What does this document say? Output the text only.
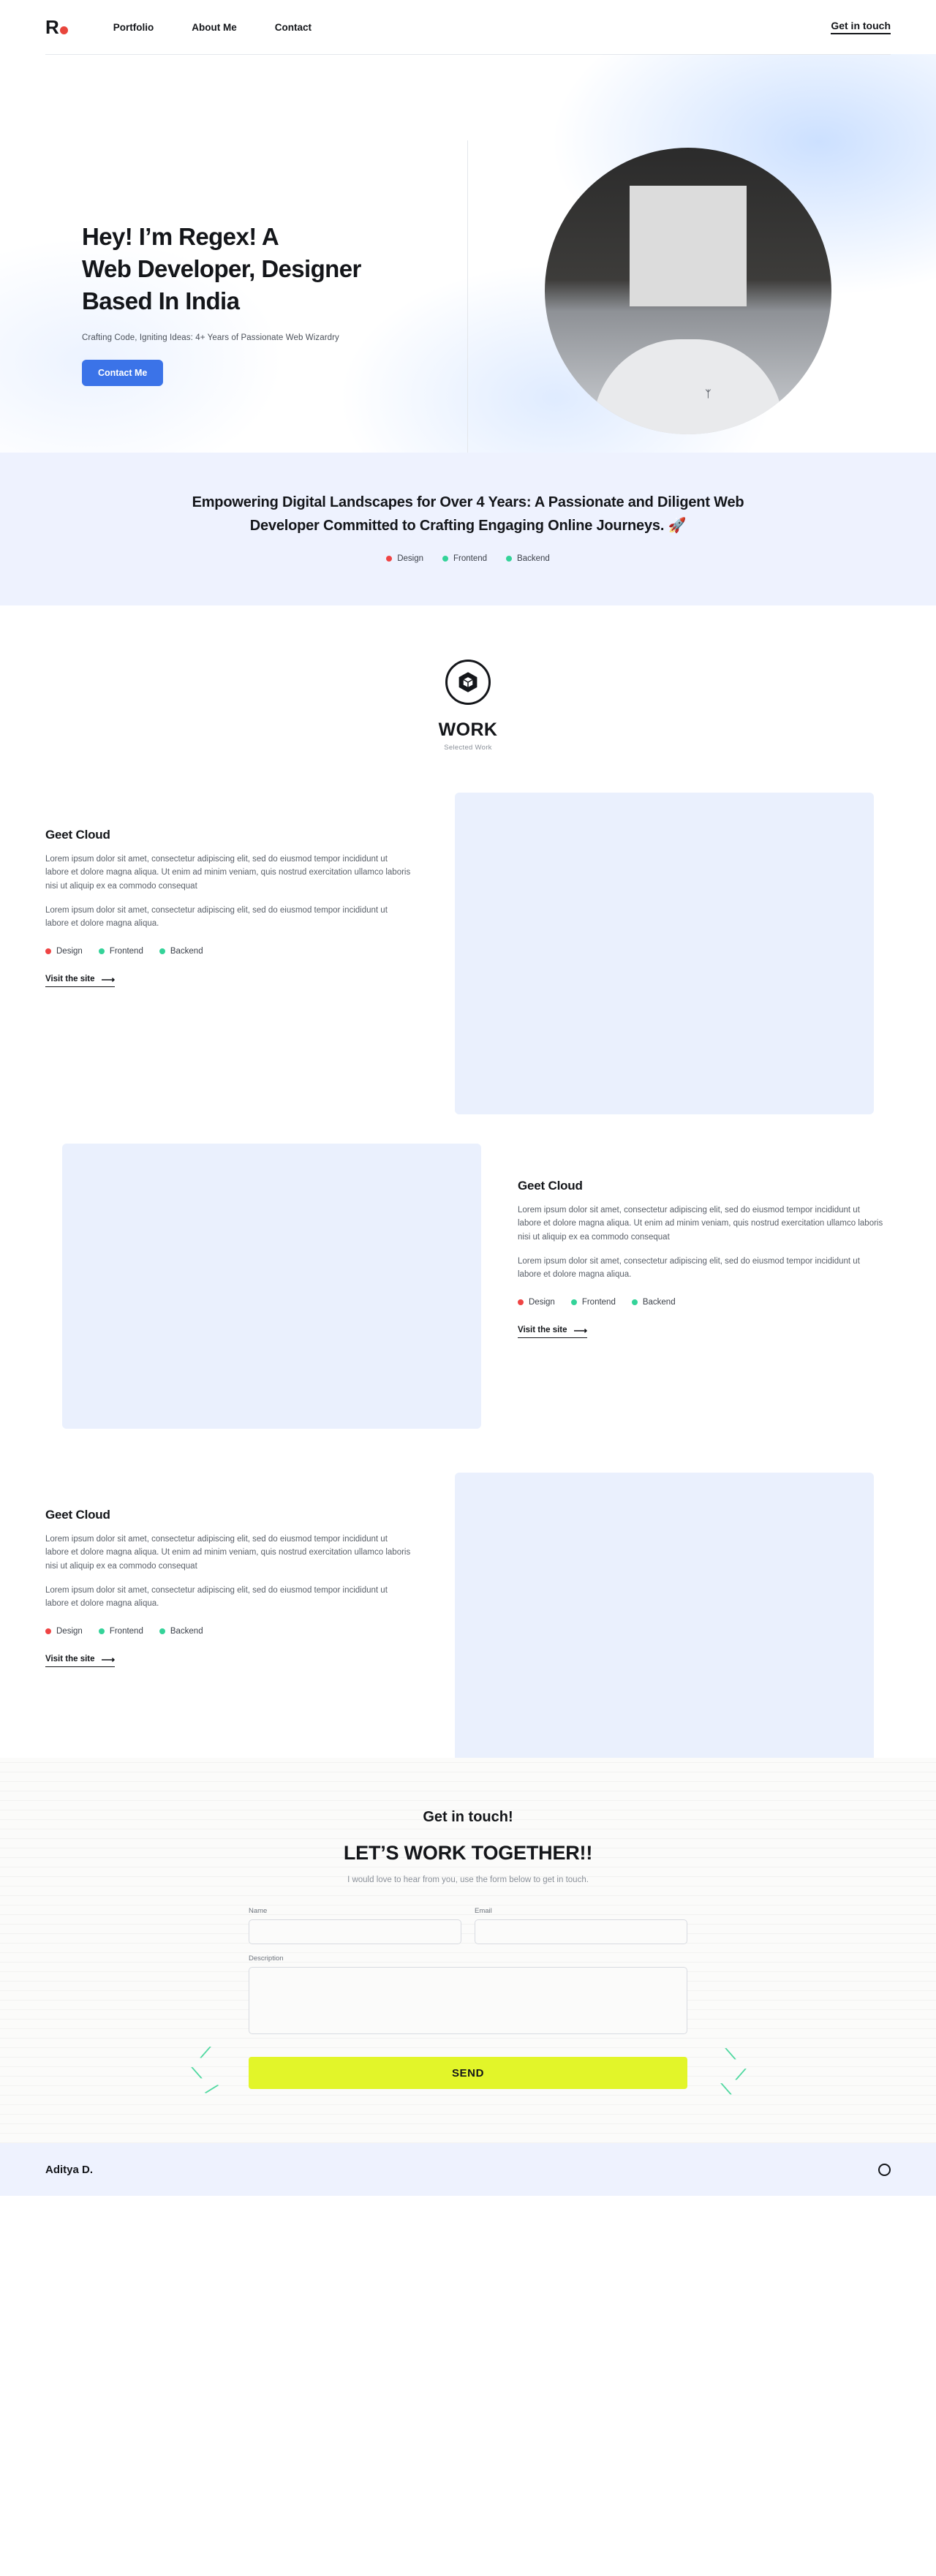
R	Portfolio	About Me	Contact	Get in touch
Hey! I’m Regex! A
Web Developer, Designer
Based In India

Crafting Code, Igniting Ideas: 4+ Years of Passionate Web Wizardry

Contact Me
ᛉ
Empowering Digital Landscapes for Over 4 Years: A Passionate and Diligent Web Developer Committed to Crafting Engaging Online Journeys. 🚀
Design	Frontend	Backend
WORK
Selected Work
Geet Cloud

Lorem ipsum dolor sit amet, consectetur adipiscing elit, sed do eiusmod tempor incididunt ut labore et dolore magna aliqua. Ut enim ad minim veniam, quis nostrud exercitation ullamco laboris nisi ut aliquip ex ea commodo consequat

Lorem ipsum dolor sit amet, consectetur adipiscing elit, sed do eiusmod tempor incididunt ut labore et dolore magna aliqua.

Design	Frontend	Backend
Visit the site ⟶
Geet Cloud

Lorem ipsum dolor sit amet, consectetur adipiscing elit, sed do eiusmod tempor incididunt ut labore et dolore magna aliqua. Ut enim ad minim veniam, quis nostrud exercitation ullamco laboris nisi ut aliquip ex ea commodo consequat

Lorem ipsum dolor sit amet, consectetur adipiscing elit, sed do eiusmod tempor incididunt ut labore et dolore magna aliqua.

Design	Frontend	Backend
Visit the site ⟶
Geet Cloud

Lorem ipsum dolor sit amet, consectetur adipiscing elit, sed do eiusmod tempor incididunt ut labore et dolore magna aliqua. Ut enim ad minim veniam, quis nostrud exercitation ullamco laboris nisi ut aliquip ex ea commodo consequat

Lorem ipsum dolor sit amet, consectetur adipiscing elit, sed do eiusmod tempor incididunt ut labore et dolore magna aliqua.

Design	Frontend	Backend
Visit the site ⟶
Get in touch!
LET’S WORK TOGETHER!!
I would love to hear from you, use the form below to get in touch.
Name	Email
Description
⟋
⟍
⟋
SEND
⟍
⟋
⟍
Aditya D.
